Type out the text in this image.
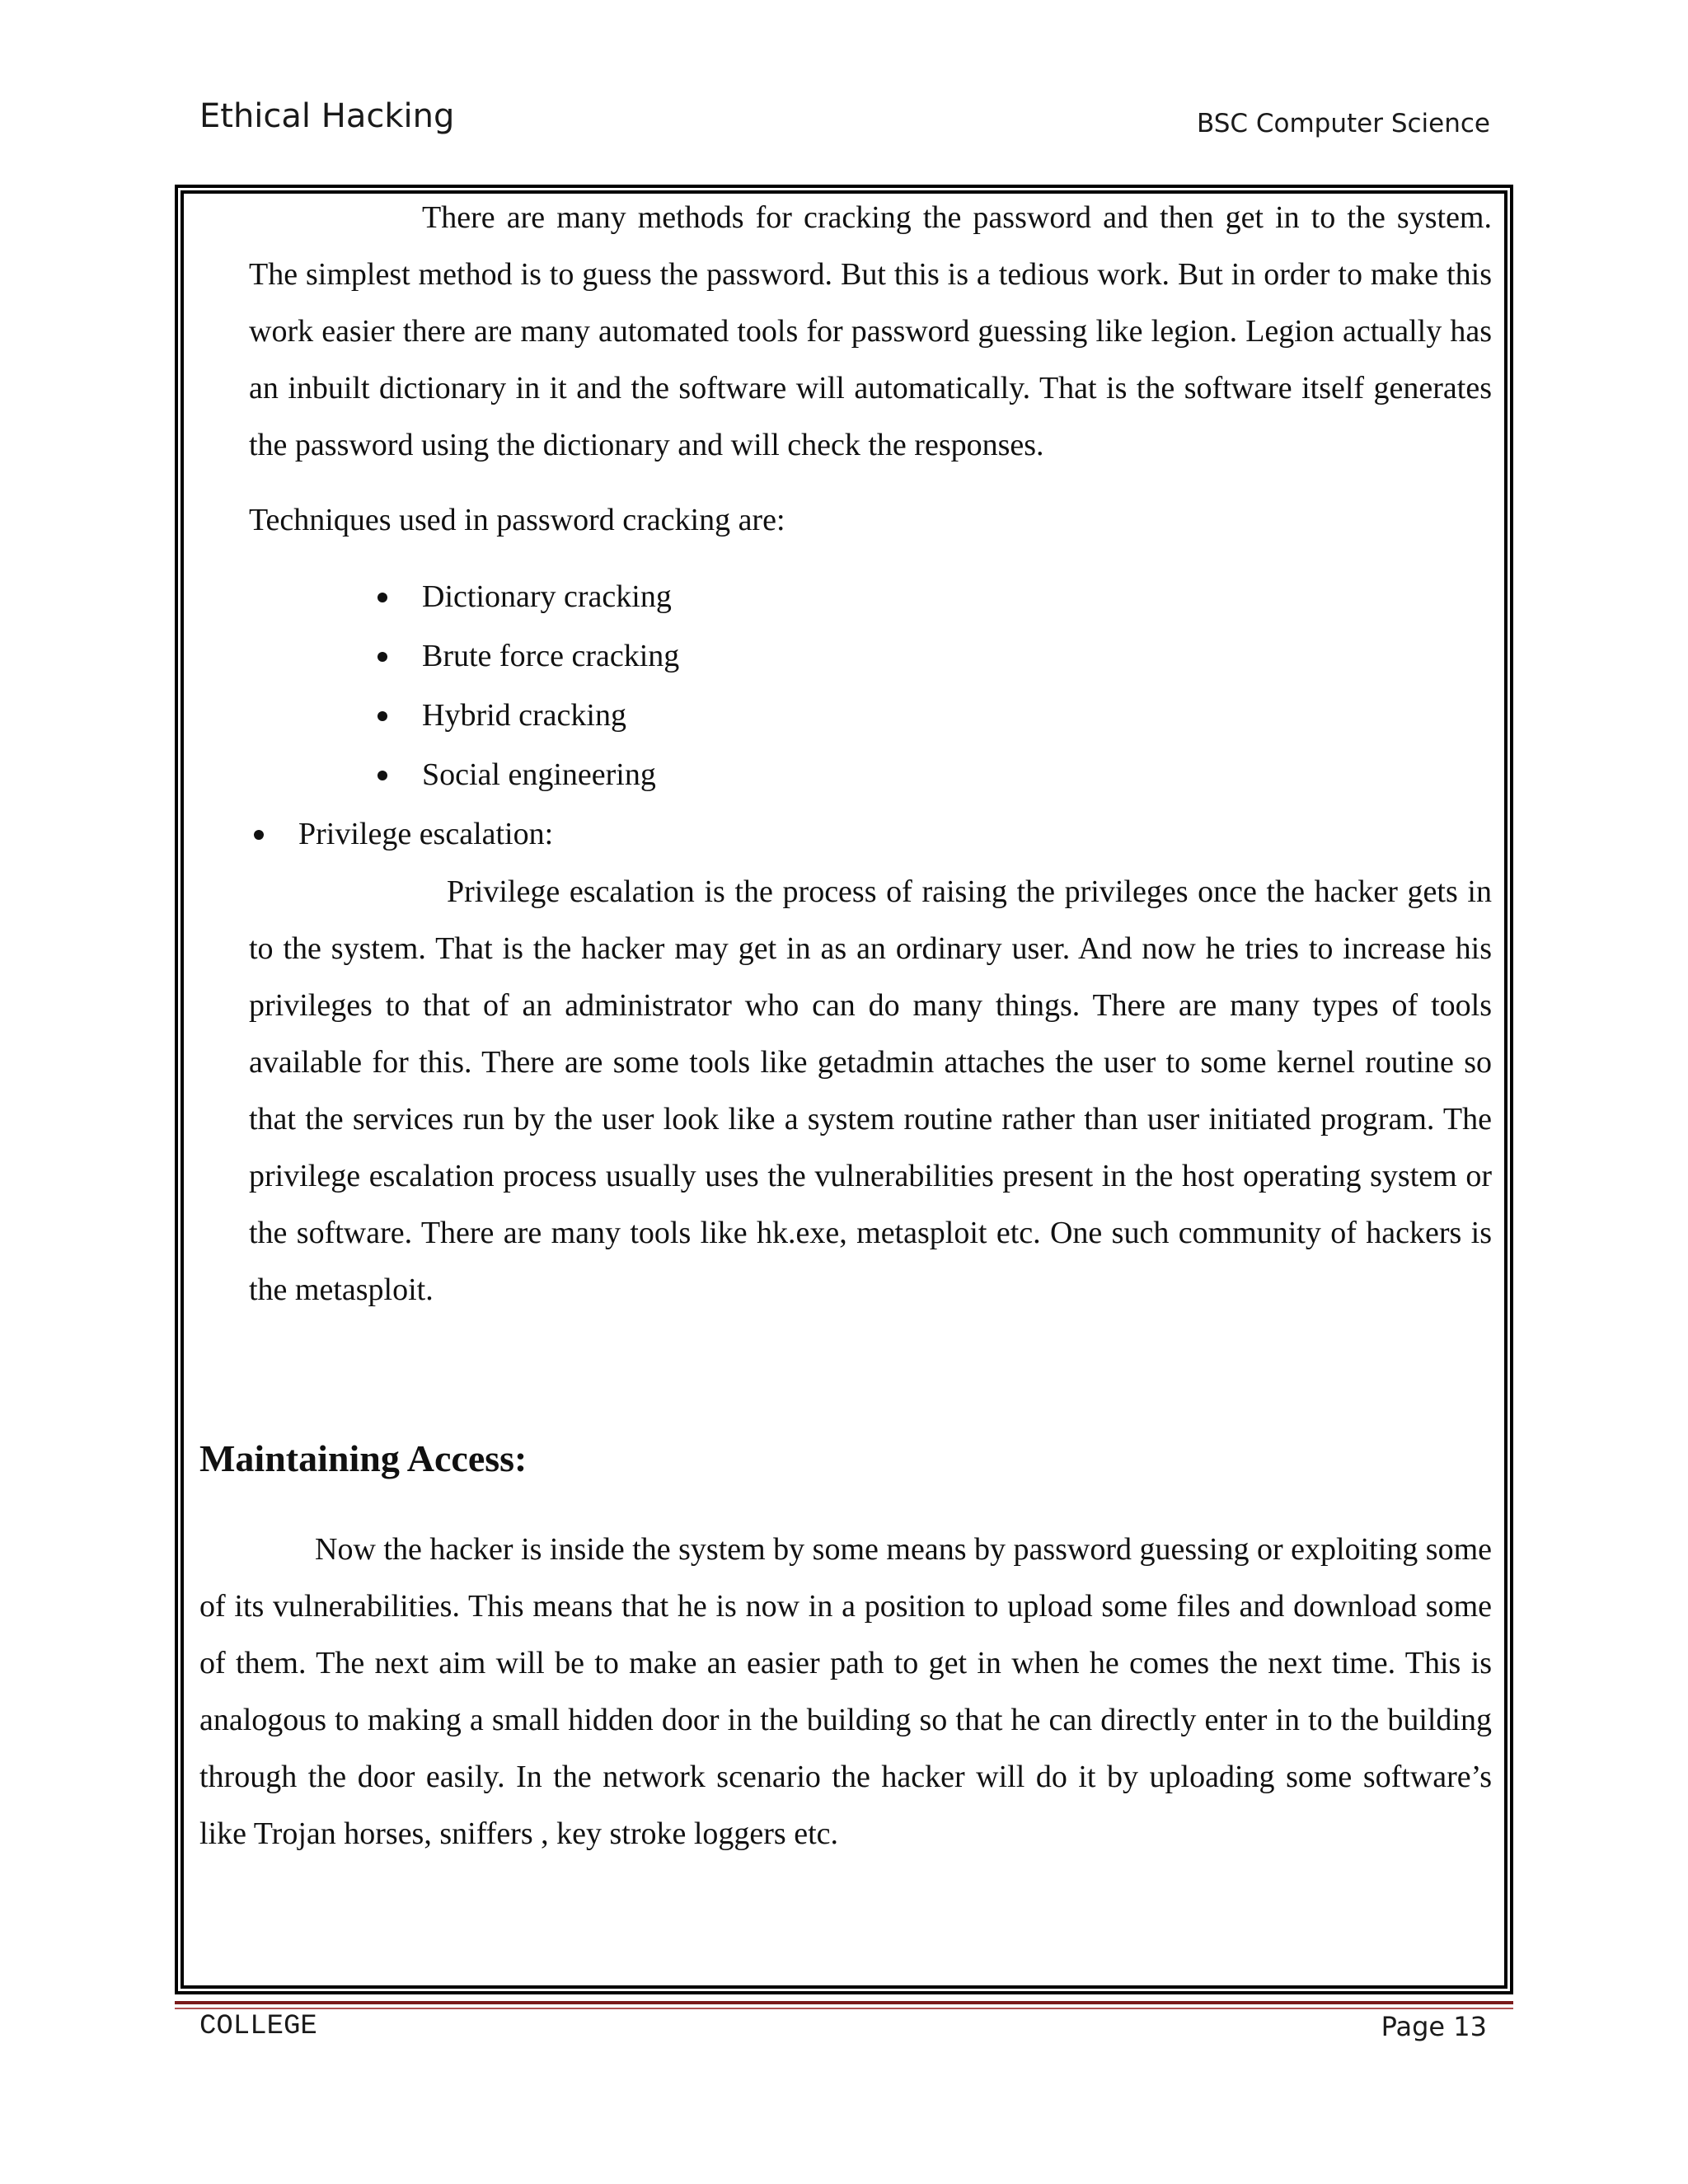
Ethical Hacking	BSC Computer Science

There are many methods for cracking the password and then get in to the system. The simplest method is to guess the password. But this is a tedious work. But in order to make this work easier there are many automated tools for password guessing like legion. Legion actually has an inbuilt dictionary in it and the software will automatically. That is the software itself generates the password using the dictionary and will check the responses.

Techniques used in password cracking are:

Dictionary cracking
Brute force cracking
Hybrid cracking
Social engineering
Privilege escalation:

Privilege escalation is the process of raising the privileges once the hacker gets in to the system. That is the hacker may get in as an ordinary user. And now he tries to increase his privileges to that of an administrator who can do many things. There are many types of tools available for this. There are some tools like getadmin attaches the user to some kernel routine so that the services run by the user look like a system routine rather than user initiated program. The privilege escalation process usually uses the vulnerabilities present in the host operating system or the software. There are many tools like hk.exe, metasploit etc. One such community of hackers is the metasploit.

Maintaining Access:

Now the hacker is inside the system by some means by password guessing or exploiting some of its vulnerabilities. This means that he is now in a position to upload some files and download some of them. The next aim will be to make an easier path to get in when he comes the next time. This is analogous to making a small hidden door in the building so that he can directly enter in to the building through the door easily. In the network scenario the hacker will do it by uploading some software’s like Trojan horses, sniffers , key stroke loggers etc.

COLLEGE	Page 13
